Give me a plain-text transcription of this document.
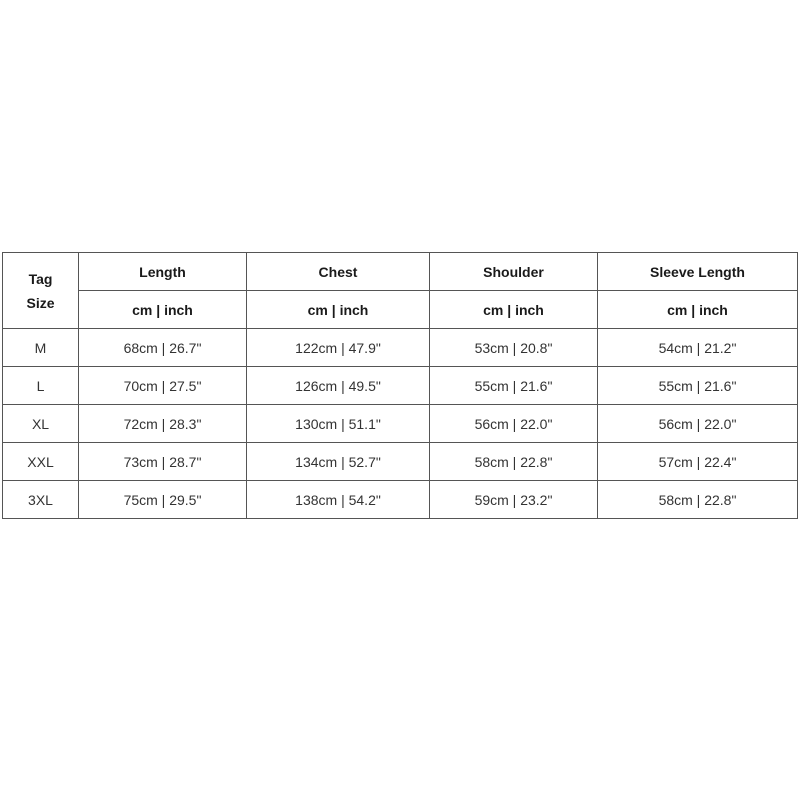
Tag
Size	Length	Chest	Shoulder	Sleeve Length
	cm | inch	cm | inch	cm | inch	cm | inch
M	68cm | 26.7"	122cm | 47.9"	53cm | 20.8"	54cm | 21.2"
L	70cm | 27.5"	126cm | 49.5"	55cm | 21.6"	55cm | 21.6"
XL	72cm | 28.3"	130cm | 51.1"	56cm | 22.0"	56cm | 22.0"
XXL	73cm | 28.7"	134cm | 52.7"	58cm | 22.8"	57cm | 22.4"
3XL	75cm | 29.5"	138cm | 54.2"	59cm | 23.2"	58cm | 22.8"
